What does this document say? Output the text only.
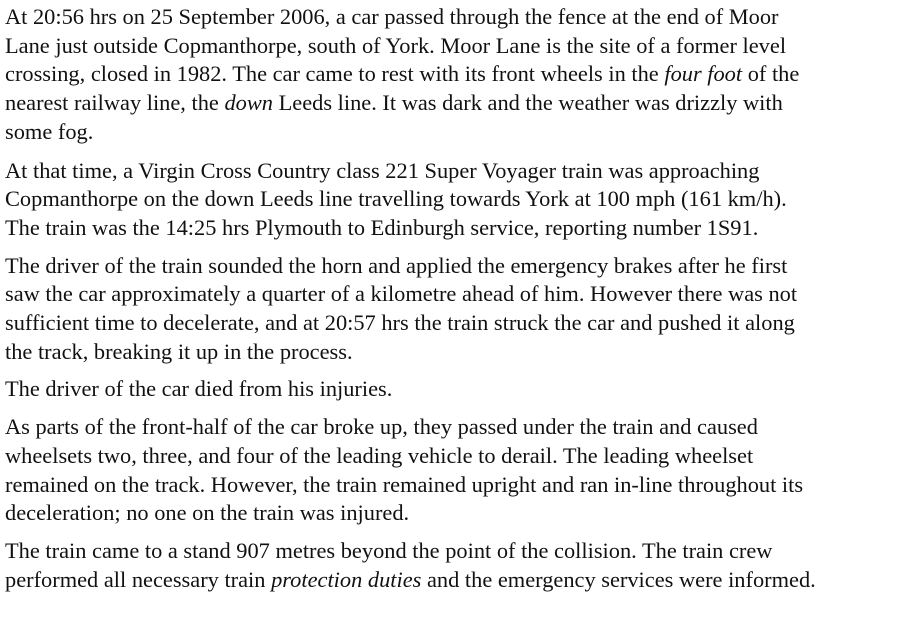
At 20:56 hrs on 25 September 2006, a car passed through the fence at the end of Moor
Lane just outside Copmanthorpe, south of York. Moor Lane is the site of a former level
crossing, closed in 1982. The car came to rest with its front wheels in the four foot of the
nearest railway line, the down Leeds line. It was dark and the weather was drizzly with
some fog.

At that time, a Virgin Cross Country class 221 Super Voyager train was approaching
Copmanthorpe on the down Leeds line travelling towards York at 100 mph (161 km/h).
The train was the 14:25 hrs Plymouth to Edinburgh service, reporting number 1S91.

The driver of the train sounded the horn and applied the emergency brakes after he first
saw the car approximately a quarter of a kilometre ahead of him. However there was not
sufficient time to decelerate, and at 20:57 hrs the train struck the car and pushed it along
the track, breaking it up in the process.

The driver of the car died from his injuries.

As parts of the front-half of the car broke up, they passed under the train and caused
wheelsets two, three, and four of the leading vehicle to derail. The leading wheelset
remained on the track. However, the train remained upright and ran in-line throughout its
deceleration; no one on the train was injured.

The train came to a stand 907 metres beyond the point of the collision. The train crew
performed all necessary train protection duties and the emergency services were informed.
